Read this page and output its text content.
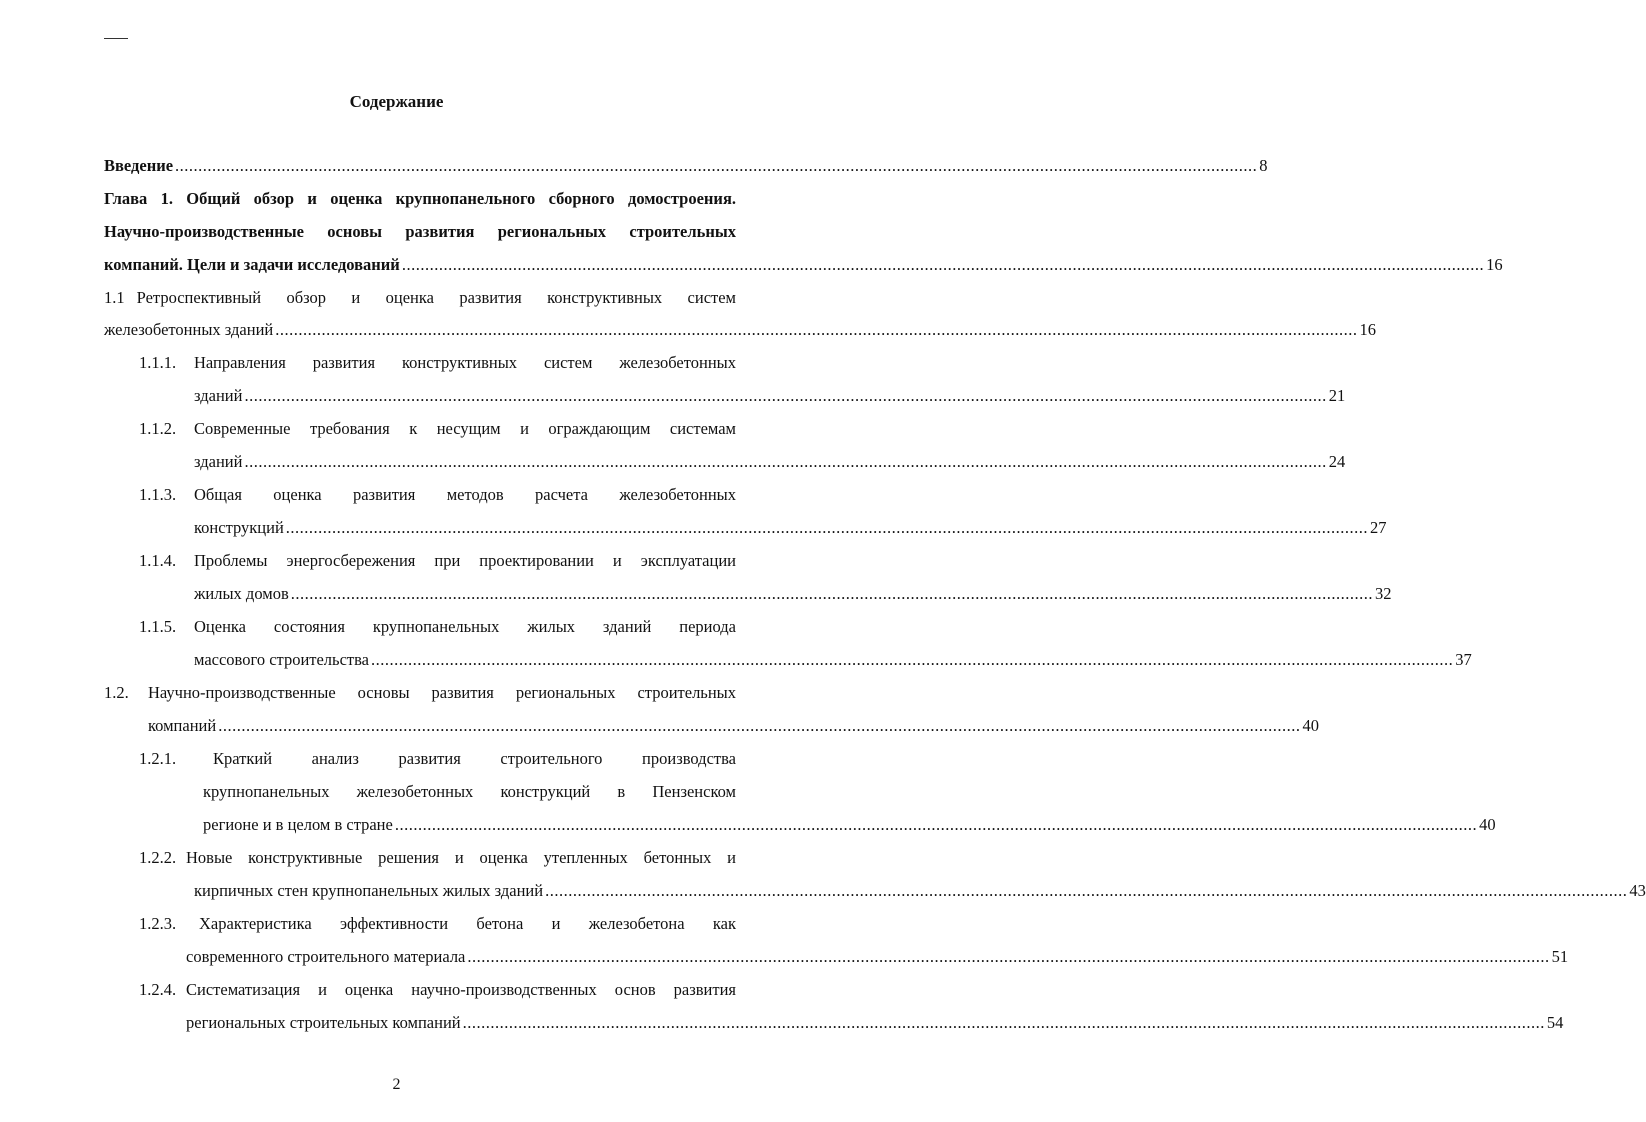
Содержание
Введение .......................................................................................................................................................................................................................................... 8
Глава 1. Общий обзор и оценка крупнопанельного сборного домостроения.
Научно-производственные основы развития региональных строительных
компаний. Цели и задачи исследований .......................................................................................................................................................................................................................................... 16
1.1 Ретроспективный обзор и оценка развития конструктивных систем
железобетонных зданий .......................................................................................................................................................................................................................................... 16
1.1.1. Направления развития конструктивных систем железобетонных
зданий .......................................................................................................................................................................................................................................... 21
1.1.2. Современные требования к несущим и ограждающим системам
зданий .......................................................................................................................................................................................................................................... 24
1.1.3. Общая оценка развития методов расчета железобетонных
конструкций .......................................................................................................................................................................................................................................... 27
1.1.4. Проблемы энергосбережения при проектировании и эксплуатации
жилых домов .......................................................................................................................................................................................................................................... 32
1.1.5. Оценка состояния крупнопанельных жилых зданий периода
массового строительства .......................................................................................................................................................................................................................................... 37
1.2. Научно-производственные основы развития региональных строительных
компаний .......................................................................................................................................................................................................................................... 40
1.2.1. Краткий анализ развития строительного производства
крупнопанельных железобетонных конструкций в Пензенском
регионе и в целом в стране .......................................................................................................................................................................................................................................... 40
1.2.2. Новые конструктивные решения и оценка утепленных бетонных и
кирпичных стен крупнопанельных жилых зданий .......................................................................................................................................................................................................................................... 43
1.2.3. Характеристика эффективности бетона и железобетона как
современного строительного материала .......................................................................................................................................................................................................................................... 51
1.2.4. Систематизация и оценка научно-производственных основ развития
региональных строительных компаний .......................................................................................................................................................................................................................................... 54
2
